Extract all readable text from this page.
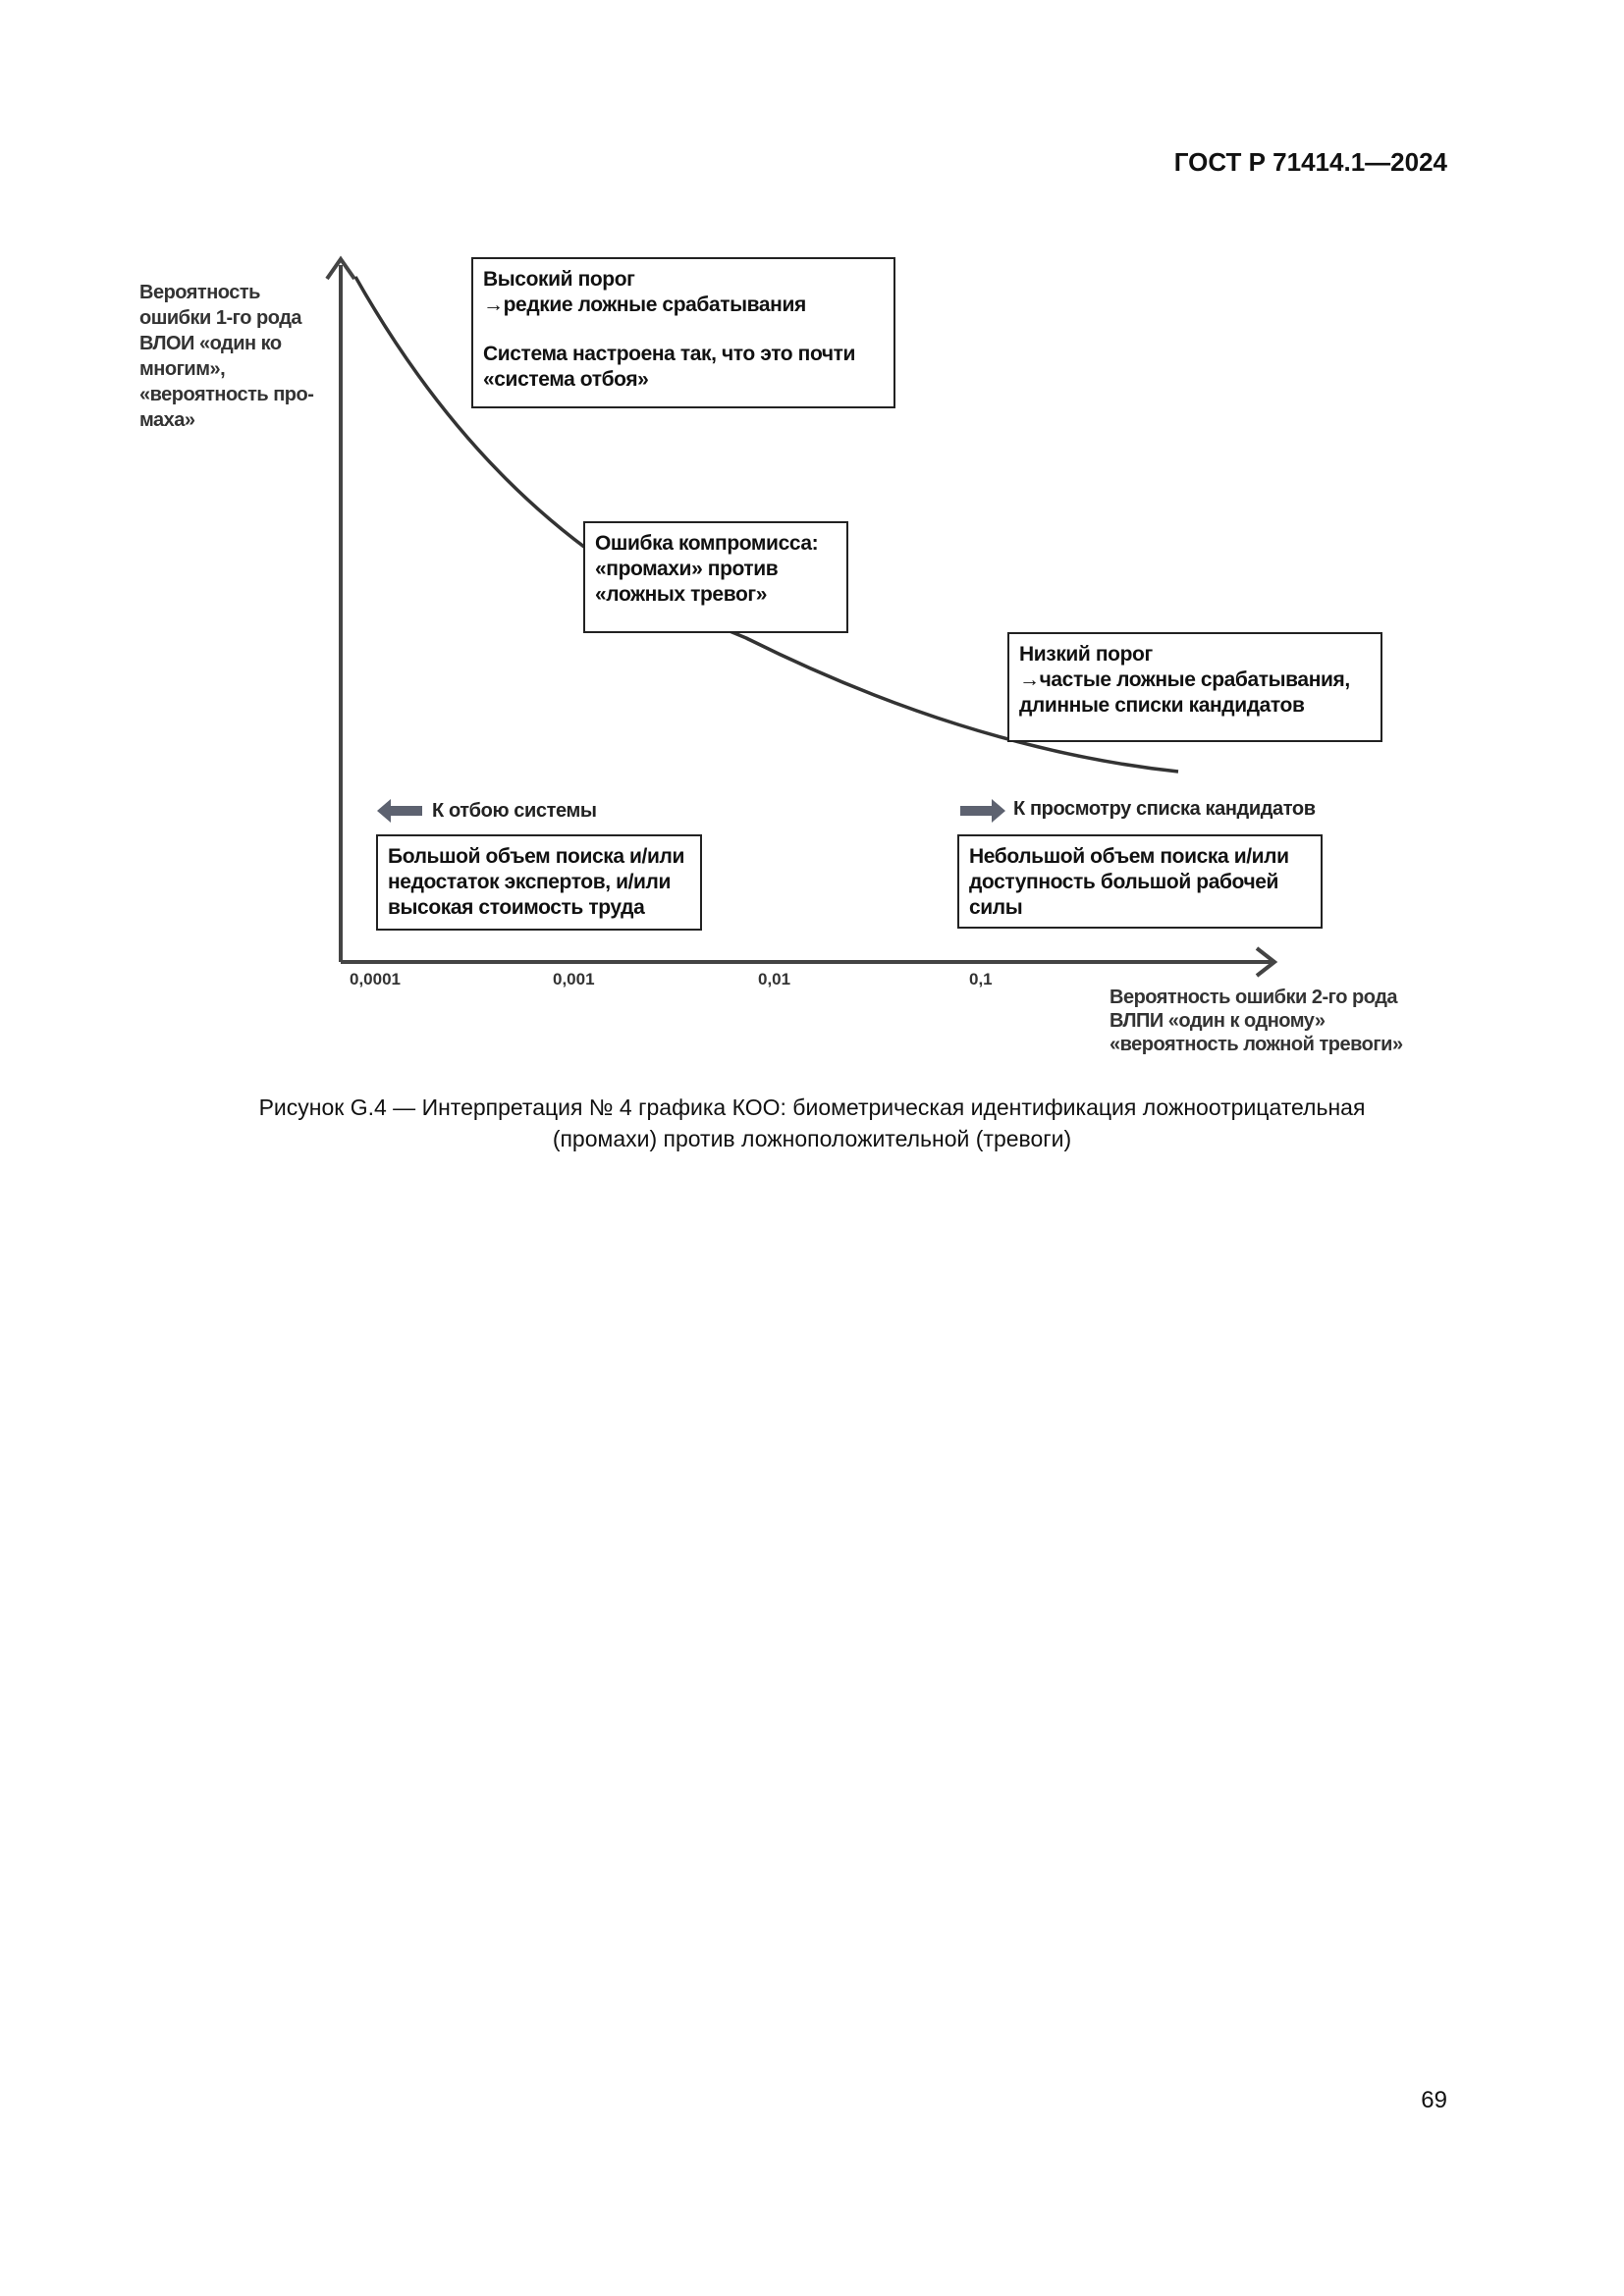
ГОСТ Р 71414.1—2024
Вероятность
ошибки 1-го рода
ВЛОИ «один ко
многим»,
«вероятность про-
маха»
Вероятность ошибки 2-го рода
ВЛПИ «один к одному»
«вероятность ложной тревоги»
0,0001	0,001	0,01	0,1

Высокий порог

→редкие ложные срабатывания

Система настроена так, что это почти

«система отбоя»

Ошибка компромисса:

«промахи» против

«ложных тревог»

Низкий порог

→частые ложные срабатывания,

длинные списки кандидатов

К отбою системы	К просмотру списка кандидатов

Большой объем поиска и/или

недостаток экспертов, и/или

высокая стоимость труда

Небольшой объем поиска и/или

доступность большой рабочей

силы

Рисунок G.4 — Интерпретация № 4 графика КОО: биометрическая идентификация ложноотрицательная
(промахи) против ложноположительной (тревоги)
69
